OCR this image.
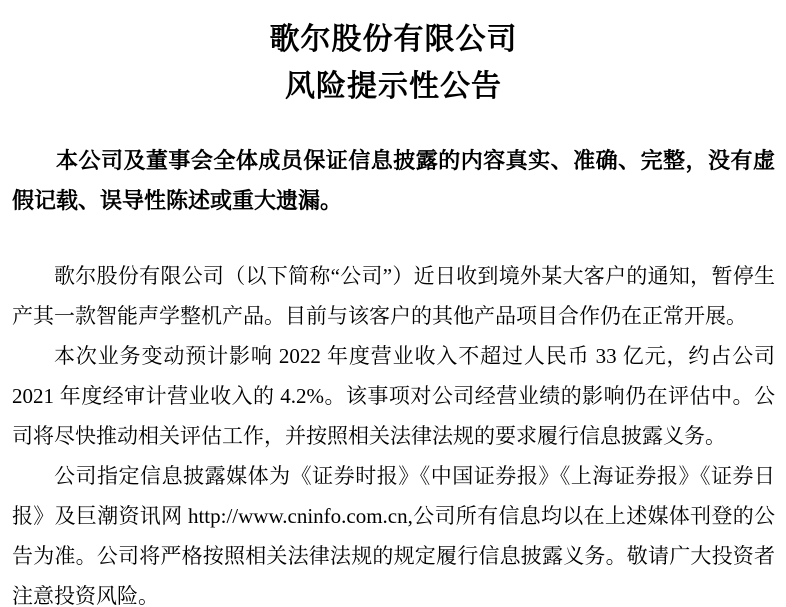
歌尔股份有限公司
风险提示性公告

本公司及董事会全体成员保证信息披露的内容真实、准确、完整，没有虚假记载、误导性陈述或重大遗漏。

歌尔股份有限公司（以下简称“公司”）近日收到境外某大客户的通知，暂停生产其一款智能声学整机产品。目前与该客户的其他产品项目合作仍在正常开展。

本次业务变动预计影响 2022 年度营业收入不超过人民币 33 亿元，约占公司 2021 年度经审计营业收入的 4.2%。该事项对公司经营业绩的影响仍在评估中。公司将尽快推动相关评估工作，并按照相关法律法规的要求履行信息披露义务。

公司指定信息披露媒体为《证券时报》《中国证券报》《上海证券报》《证券日报》及巨潮资讯网 http://www.cninfo.com.cn,公司所有信息均以在上述媒体刊登的公告为准。公司将严格按照相关法律法规的规定履行信息披露义务。敬请广大投资者注意投资风险。
